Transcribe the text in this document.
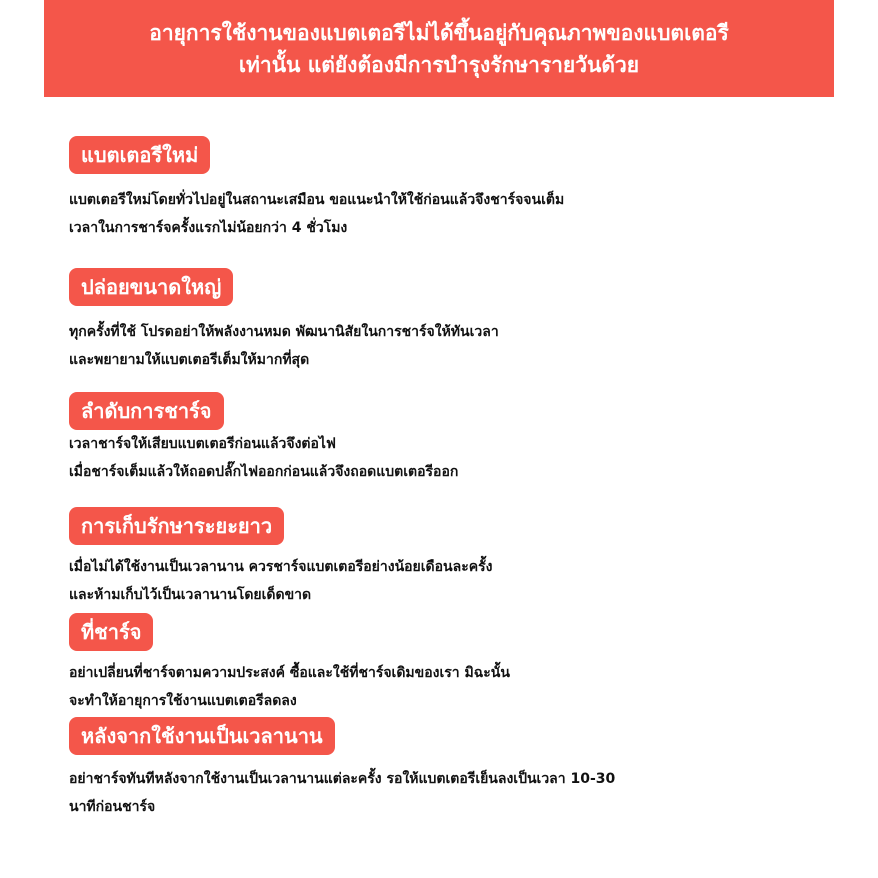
อายุการใช้งานของแบตเตอรีไม่ได้ขึ้นอยู่กับคุณภาพของแบตเตอรี
เท่านั้น แต่ยังต้องมีการบำรุงรักษารายวันด้วย
แบตเตอรีใหม่
แบตเตอรีใหม่โดยทั่วไปอยู่ในสถานะเสมือน ขอแนะนำให้ใช้ก่อนแล้วจึงชาร์จจนเต็ม
เวลาในการชาร์จครั้งแรกไม่น้อยกว่า 4 ชั่วโมง
ปล่อยขนาดใหญ่
ทุกครั้งที่ใช้ โปรดอย่าให้พลังงานหมด พัฒนานิสัยในการชาร์จให้ทันเวลา
และพยายามให้แบตเตอรีเต็มให้มากที่สุด
ลำดับการชาร์จ
เวลาชาร์จให้เสียบแบตเตอรีก่อนแล้วจึงต่อไฟ
เมื่อชาร์จเต็มแล้วให้ถอดปลั๊กไฟออกก่อนแล้วจึงถอดแบตเตอรีออก
การเก็บรักษาระยะยาว
เมื่อไม่ได้ใช้งานเป็นเวลานาน ควรชาร์จแบตเตอรีอย่างน้อยเดือนละครั้ง
และห้ามเก็บไว้เป็นเวลานานโดยเด็ดขาด
ที่ชาร์จ
อย่าเปลี่ยนที่ชาร์จตามความประสงค์ ซื้อและใช้ที่ชาร์จเดิมของเรา มิฉะนั้น
จะทำให้อายุการใช้งานแบตเตอรีลดลง
หลังจากใช้งานเป็นเวลานาน
อย่าชาร์จทันทีหลังจากใช้งานเป็นเวลานานแต่ละครั้ง รอให้แบตเตอรีเย็นลงเป็นเวลา 10-30
นาทีก่อนชาร์จ
